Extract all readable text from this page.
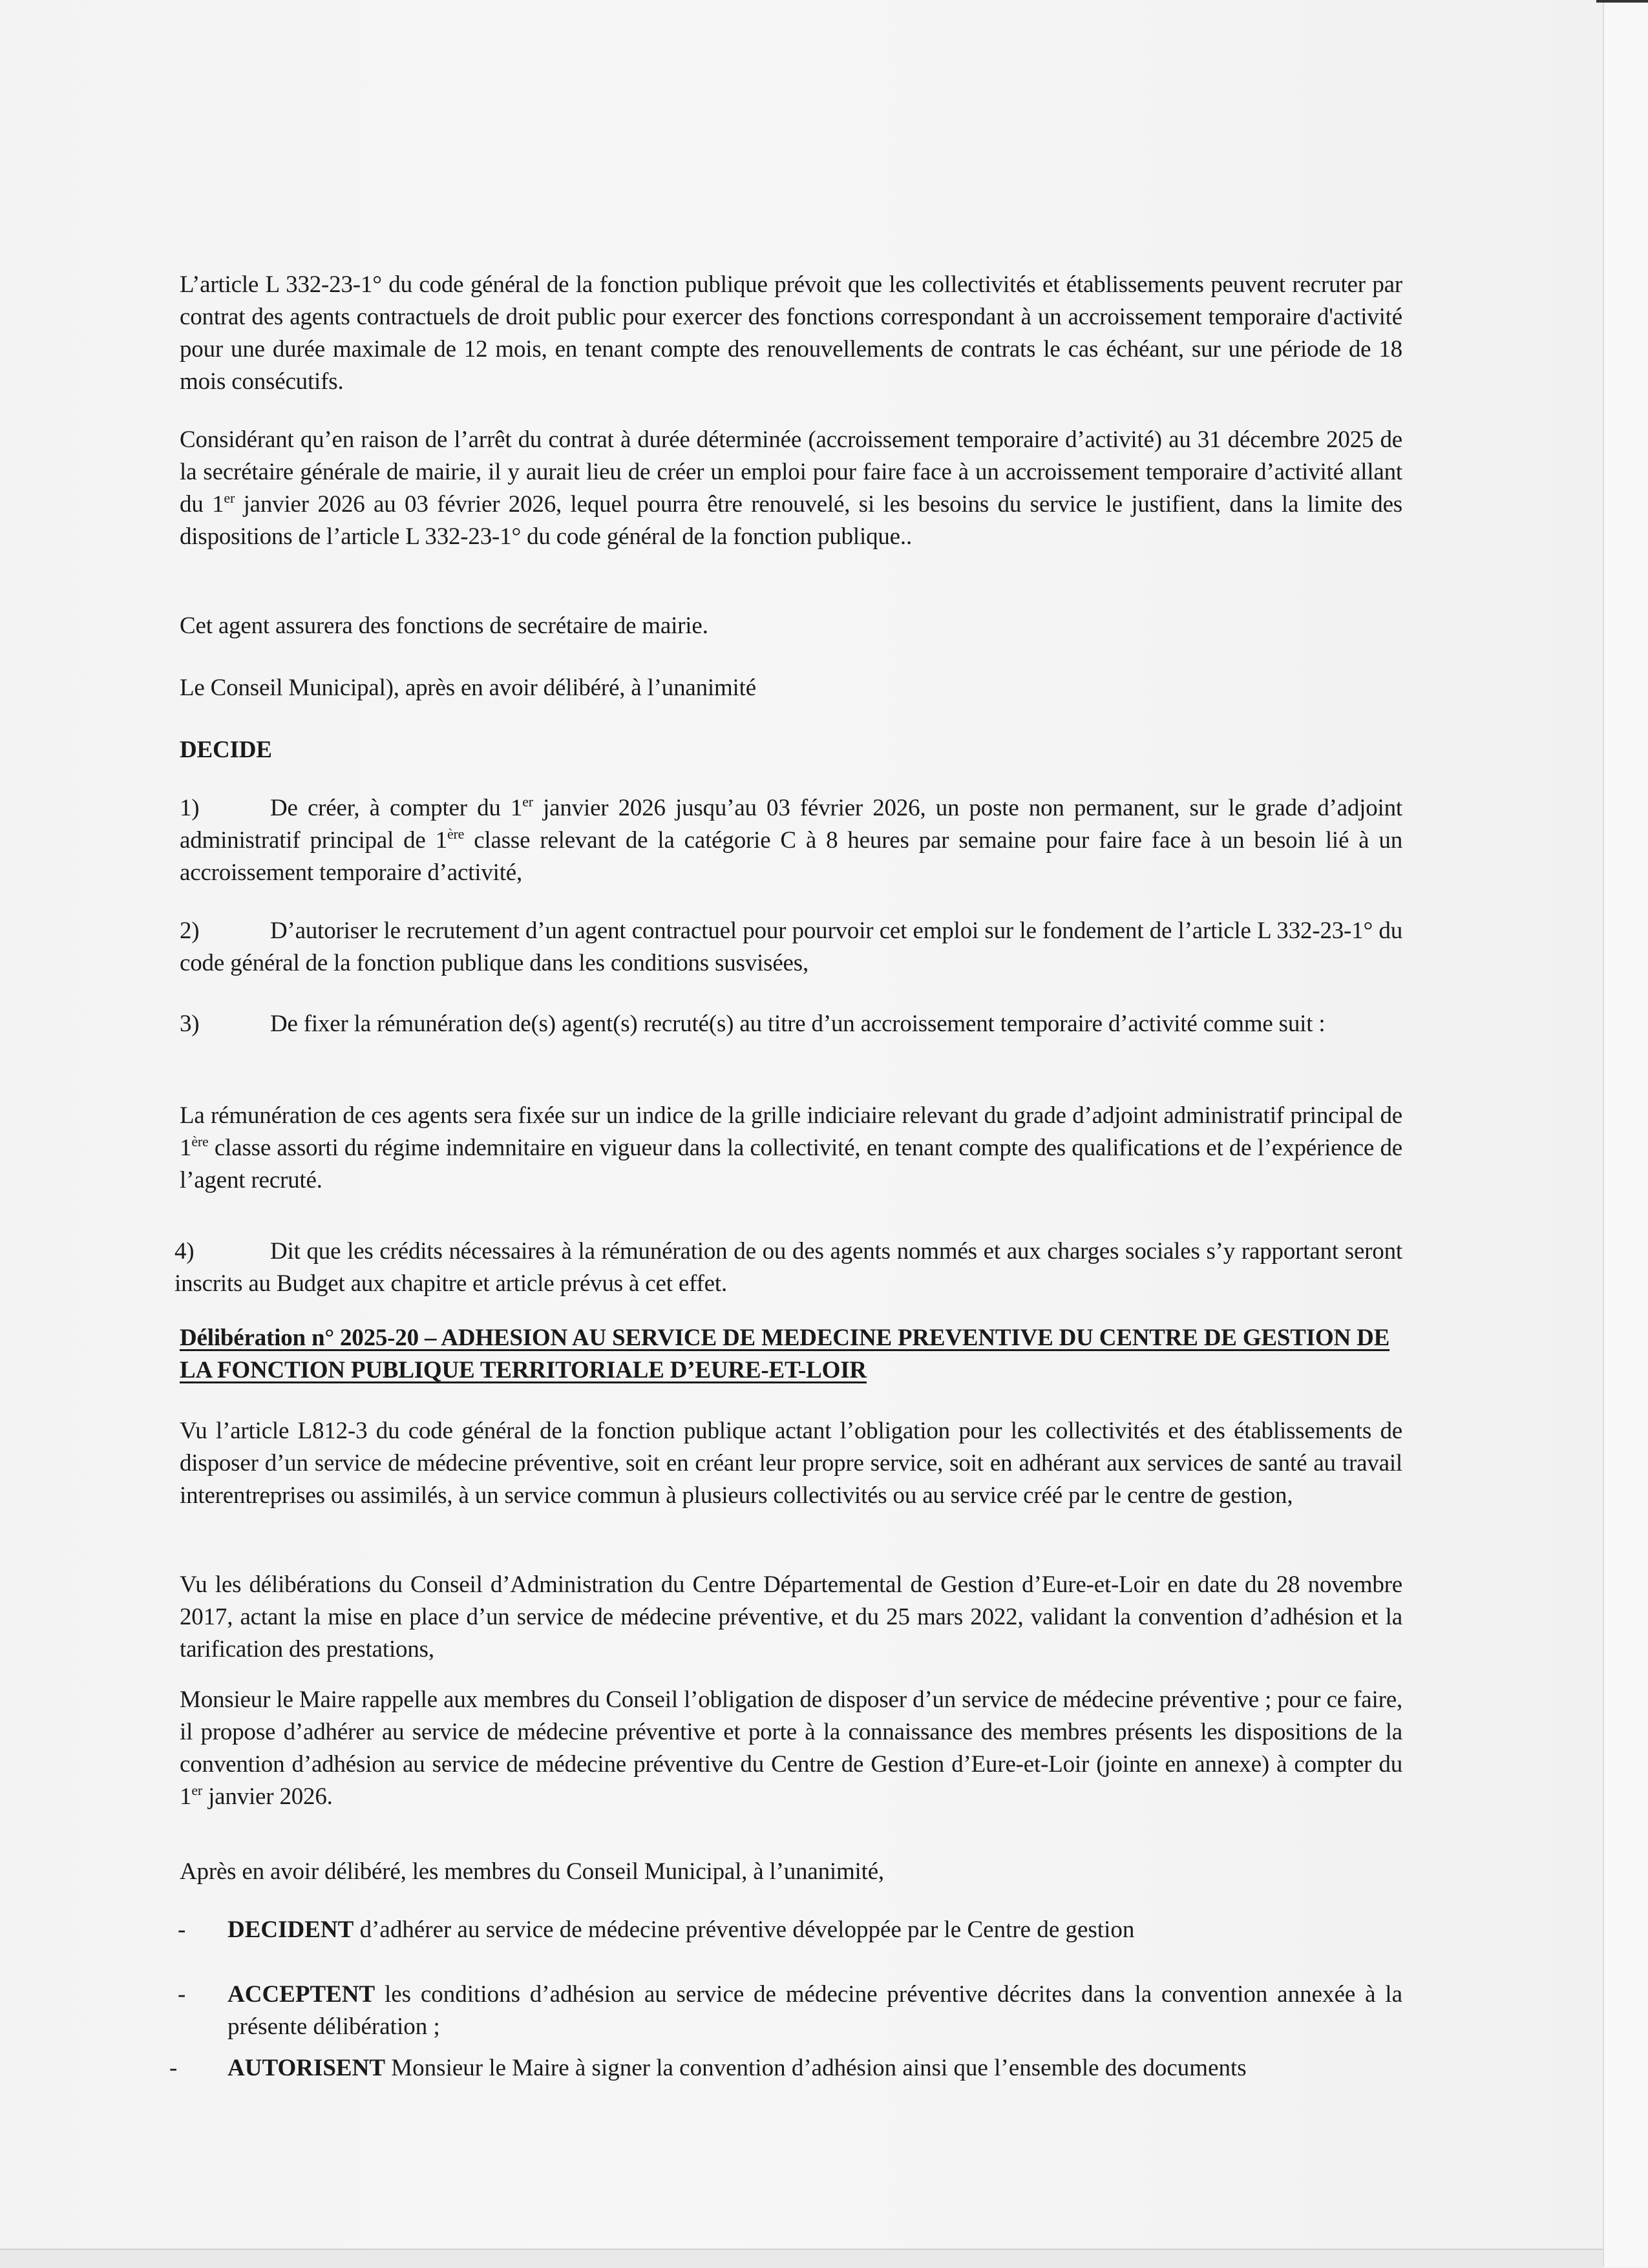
L’article L 332-23-1° du code général de la fonction publique prévoit que les collectivités et établissements peuvent recruter par contrat des agents contractuels de droit public pour exercer des fonctions correspondant à un accroissement temporaire d'activité pour une durée maximale de 12 mois, en tenant compte des renouvellements de contrats le cas échéant, sur une période de 18 mois consécutifs.

Considérant qu’en raison de l’arrêt du contrat à durée déterminée (accroissement temporaire d’activité) au 31 décembre 2025 de la secrétaire générale de mairie, il y aurait lieu de créer un emploi pour faire face à un accroissement temporaire d’activité allant du 1er janvier 2026 au 03 février 2026, lequel pourra être renouvelé, si les besoins du service le justifient, dans la limite des dispositions de l’article L 332-23-1° du code général de la fonction publique..

Cet agent assurera des fonctions de secrétaire de mairie.

Le Conseil Municipal), après en avoir délibéré, à l’unanimité

DECIDE

1)	De créer, à compter du 1er janvier 2026 jusqu’au 03 février 2026, un poste non permanent, sur le grade d’adjoint administratif principal de 1ère classe relevant de la catégorie C à 8 heures par semaine pour faire face à un besoin lié à un accroissement temporaire d’activité,

2)	D’autoriser le recrutement d’un agent contractuel pour pourvoir cet emploi sur le fondement de l’article L 332-23-1° du code général de la fonction publique dans les conditions susvisées,

3)	De fixer la rémunération de(s) agent(s) recruté(s) au titre d’un accroissement temporaire d’activité comme suit :

La rémunération de ces agents sera fixée sur un indice de la grille indiciaire relevant du grade d’adjoint administratif principal de 1ère classe assorti du régime indemnitaire en vigueur dans la collectivité, en tenant compte des qualifications et de l’expérience de l’agent recruté.

4)	Dit que les crédits nécessaires à la rémunération de ou des agents nommés et aux charges sociales s’y rapportant seront inscrits au Budget aux chapitre et article prévus à cet effet.

Délibération n° 2025-20 – ADHESION AU SERVICE DE MEDECINE PREVENTIVE DU CENTRE DE GESTION DE LA FONCTION PUBLIQUE TERRITORIALE D’EURE-ET-LOIR

Vu l’article L812-3 du code général de la fonction publique actant l’obligation pour les collectivités et des établissements de disposer d’un service de médecine préventive, soit en créant leur propre service, soit en adhérant aux services de santé au travail interentreprises ou assimilés, à un service commun à plusieurs collectivités ou au service créé par le centre de gestion,

Vu les délibérations du Conseil d’Administration du Centre Départemental de Gestion d’Eure-et-Loir en date du 28 novembre 2017, actant la mise en place d’un service de médecine préventive, et du 25 mars 2022, validant la convention d’adhésion et la tarification des prestations,

Monsieur le Maire rappelle aux membres du Conseil l’obligation de disposer d’un service de médecine préventive ; pour ce faire, il propose d’adhérer au service de médecine préventive et porte à la connaissance des membres présents les dispositions de la convention d’adhésion au service de médecine préventive du Centre de Gestion d’Eure-et-Loir (jointe en annexe) à compter du 1er janvier 2026.

Après en avoir délibéré, les membres du Conseil Municipal, à l’unanimité,

- DECIDENT d’adhérer au service de médecine préventive développée par le Centre de gestion
- ACCEPTENT les conditions d’adhésion au service de médecine préventive décrites dans la convention annexée à la présente délibération ;
- AUTORISENT Monsieur le Maire à signer la convention d’adhésion ainsi que l’ensemble des documents
